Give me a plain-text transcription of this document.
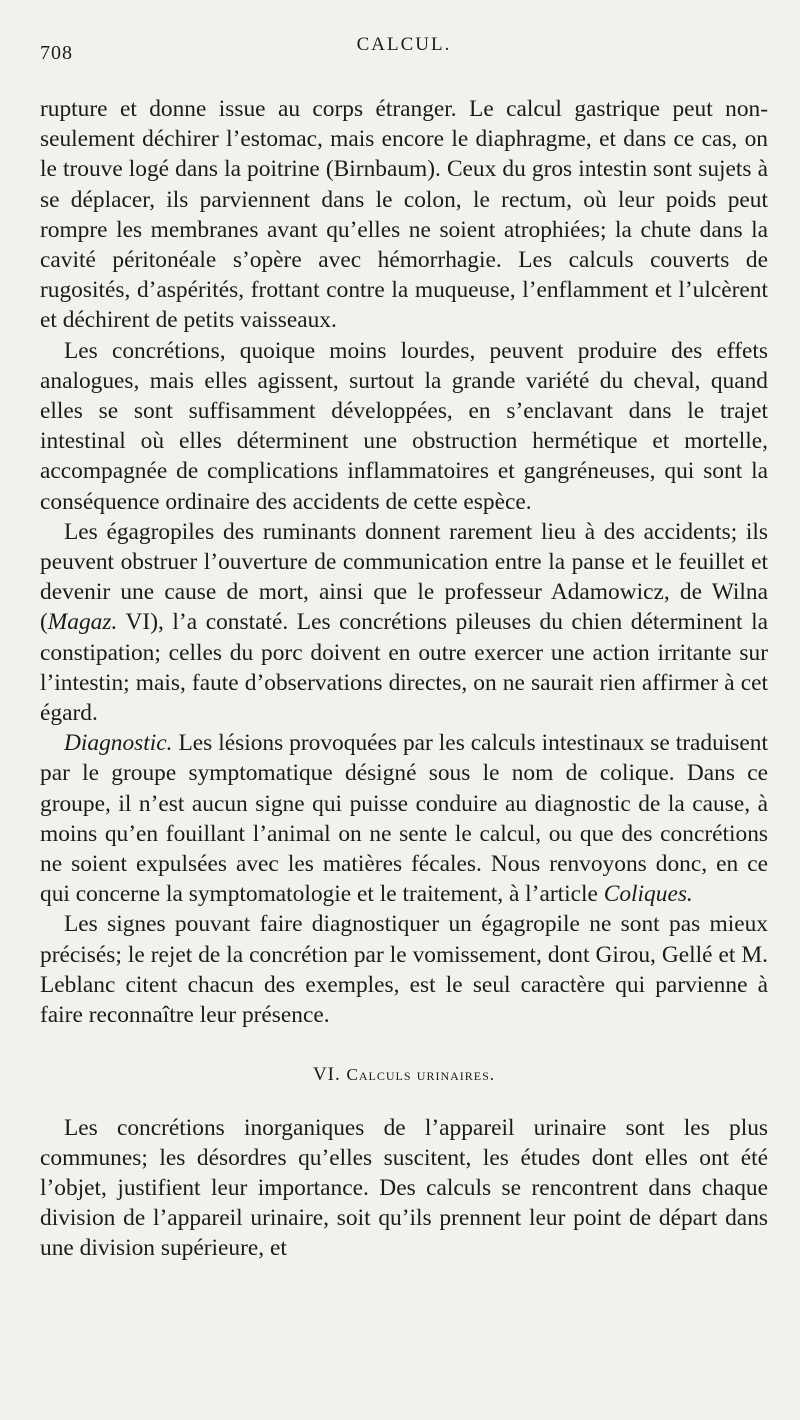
708	CALCUL.

rupture et donne issue au corps étranger. Le calcul gastrique peut non-seulement déchirer l’estomac, mais encore le diaphragme, et dans ce cas, on le trouve logé dans la poitrine (Birnbaum). Ceux du gros intestin sont sujets à se déplacer, ils parviennent dans le colon, le rectum, où leur poids peut rompre les membranes avant qu’elles ne soient atrophiées; la chute dans la cavité péritonéale s’opère avec hémorrhagie. Les calculs couverts de rugosités, d’aspérités, frottant contre la muqueuse, l’enflamment et l’ulcèrent et déchirent de petits vaisseaux.

Les concrétions, quoique moins lourdes, peuvent produire des effets analogues, mais elles agissent, surtout la grande variété du cheval, quand elles se sont suffisamment développées, en s’enclavant dans le trajet intestinal où elles déterminent une obstruction hermétique et mortelle, accompagnée de complications inflammatoires et gangréneuses, qui sont la conséquence ordinaire des accidents de cette espèce.

Les égagropiles des ruminants donnent rarement lieu à des accidents; ils peuvent obstruer l’ouverture de communication entre la panse et le feuillet et devenir une cause de mort, ainsi que le professeur Adamowicz, de Wilna (Magaz. VI), l’a constaté. Les concrétions pileuses du chien déterminent la constipation; celles du porc doivent en outre exercer une action irritante sur l’intestin; mais, faute d’observations directes, on ne saurait rien affirmer à cet égard.

Diagnostic. Les lésions provoquées par les calculs intestinaux se traduisent par le groupe symptomatique désigné sous le nom de colique. Dans ce groupe, il n’est aucun signe qui puisse conduire au diagnostic de la cause, à moins qu’en fouillant l’animal on ne sente le calcul, ou que des concrétions ne soient expulsées avec les matières fécales. Nous renvoyons donc, en ce qui concerne la symptomatologie et le traitement, à l’article Coliques.

Les signes pouvant faire diagnostiquer un égagropile ne sont pas mieux précisés; le rejet de la concrétion par le vomissement, dont Girou, Gellé et M. Leblanc citent chacun des exemples, est le seul caractère qui parvienne à faire reconnaître leur présence.

VI. Calculs urinaires.

Les concrétions inorganiques de l’appareil urinaire sont les plus communes; les désordres qu’elles suscitent, les études dont elles ont été l’objet, justifient leur importance. Des calculs se rencontrent dans chaque division de l’appareil urinaire, soit qu’ils prennent leur point de départ dans une division supérieure, et
